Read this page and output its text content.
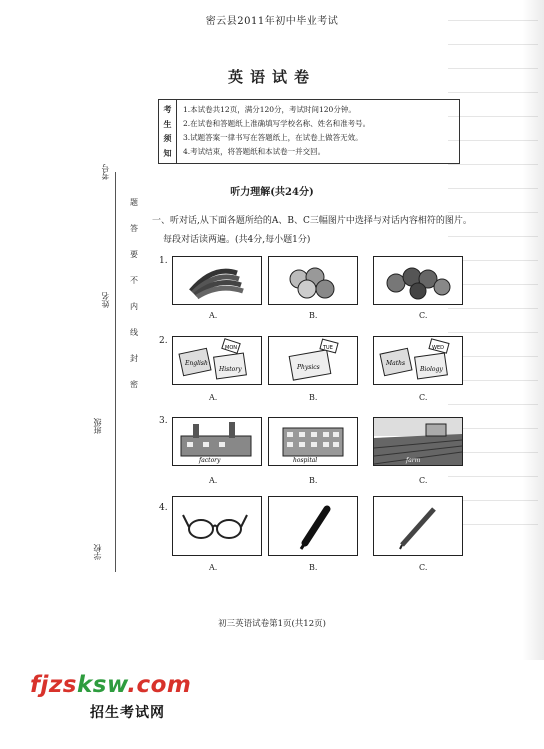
密云县2011年初中毕业考试
英语试卷
考
生
须
知
1.本试卷共12页，满分120分，考试时间120分钟。
2.在试卷和答题纸上准确填写学校名称、姓名和准考号。
3.试题答案一律书写在答题纸上，在试卷上做答无效。
4.考试结束，将答题纸和本试卷一并交回。
考号
姓名
班级
学校
题
答
要
不
内
线
封
密
听力理解(共24分)
一、听对话,从下面各题所给的A、B、C三幅图片中选择与对话内容相符的图片。
每段对话读两遍。(共4分,每小题1分)
1.
A.	B.	C.
2.
English
MON
History	Physics
TUE
Maths
WED
Biology
A.	B.	C.
3.
factory	hospital	farm
A.	B.	C.
4.
A.	B.	C.
初三英语试卷第1页(共12页)
fjzsksw.com
招生考试网
